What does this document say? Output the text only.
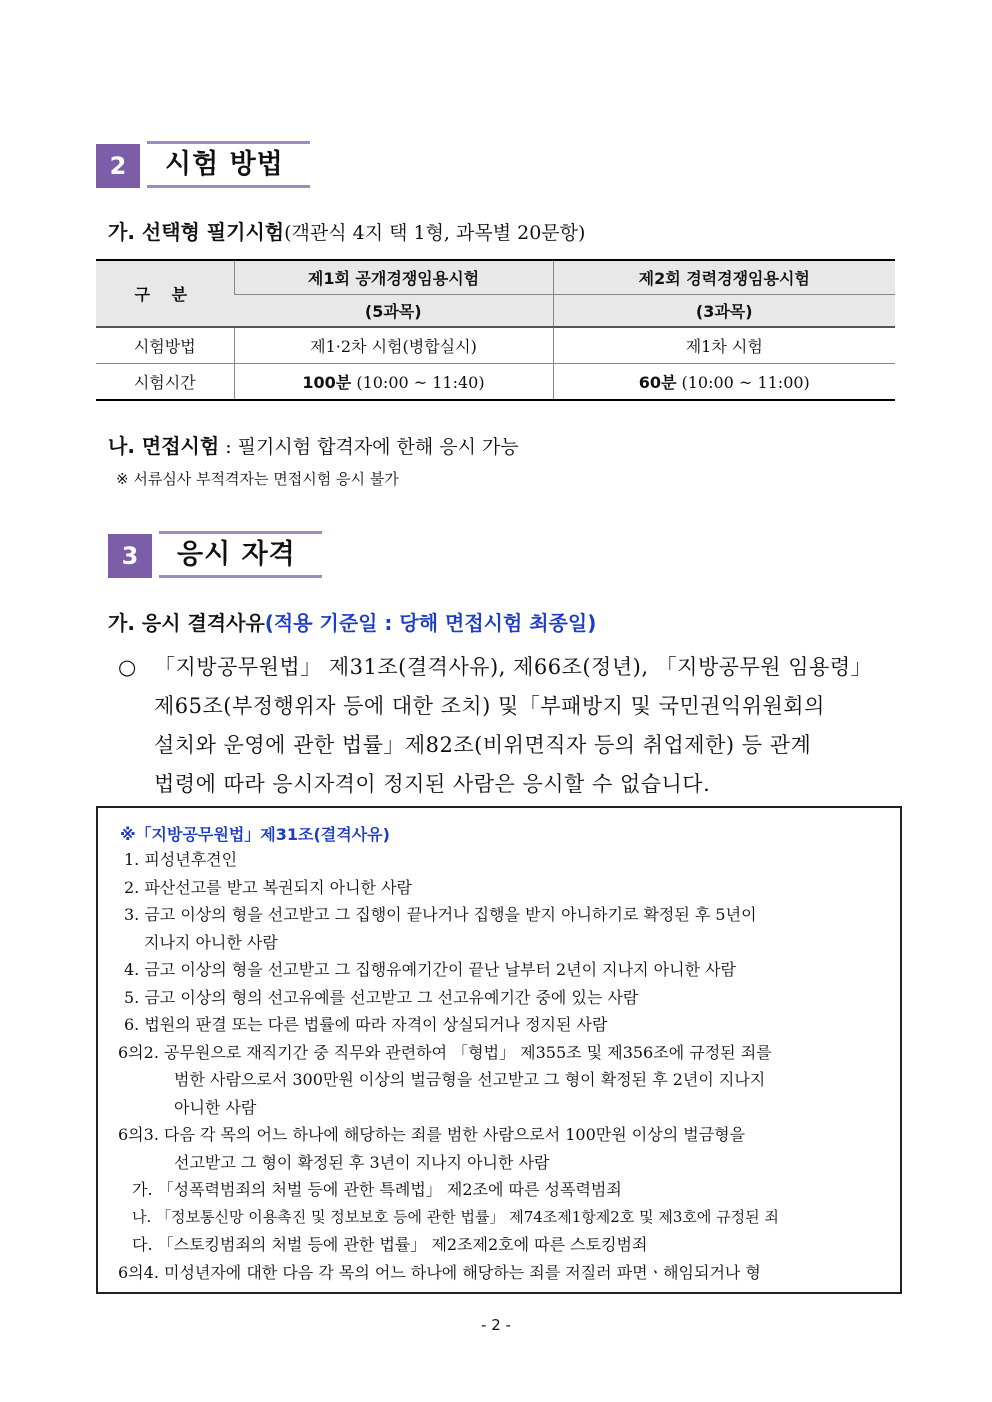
2	시험 방법
가. 선택형 필기시험(객관식 4지 택 1형, 과목별 20문항)
구 분	제1회 공개경쟁임용시험	제2회 경력경쟁임용시험
	(5과목)	(3과목)
시험방법	제1·2차 시험(병합실시)	제1차 시험
시험시간	100분 (10:00 ~ 11:40)	60분 (10:00 ~ 11:00)
나. 면접시험 : 필기시험 합격자에 한해 응시 가능
※ 서류심사 부적격자는 면접시험 응시 불가
3	응시 자격
가. 응시 결격사유(적용 기준일 : 당해 면접시험 최종일)
○ 「지방공무원법」 제31조(결격사유), 제66조(정년), 「지방공무원 임용령」
제65조(부정행위자 등에 대한 조치) 및「부패방지 및 국민권익위원회의
설치와 운영에 관한 법률」제82조(비위면직자 등의 취업제한) 등 관계
법령에 따라 응시자격이 정지된 사람은 응시할 수 없습니다.
※「지방공무원법」제31조(결격사유)
1. 피성년후견인
2. 파산선고를 받고 복권되지 아니한 사람
3. 금고 이상의 형을 선고받고 그 집행이 끝나거나 집행을 받지 아니하기로 확정된 후 5년이
지나지 아니한 사람
4. 금고 이상의 형을 선고받고 그 집행유예기간이 끝난 날부터 2년이 지나지 아니한 사람
5. 금고 이상의 형의 선고유예를 선고받고 그 선고유예기간 중에 있는 사람
6. 법원의 판결 또는 다른 법률에 따라 자격이 상실되거나 정지된 사람
6의2. 공무원으로 재직기간 중 직무와 관련하여 「형법」 제355조 및 제356조에 규정된 죄를
범한 사람으로서 300만원 이상의 벌금형을 선고받고 그 형이 확정된 후 2년이 지나지
아니한 사람
6의3. 다음 각 목의 어느 하나에 해당하는 죄를 범한 사람으로서 100만원 이상의 벌금형을
선고받고 그 형이 확정된 후 3년이 지나지 아니한 사람
가. 「성폭력범죄의 처벌 등에 관한 특례법」 제2조에 따른 성폭력범죄
나. 「정보통신망 이용촉진 및 정보보호 등에 관한 법률」 제74조제1항제2호 및 제3호에 규정된 죄
다. 「스토킹범죄의 처벌 등에 관한 법률」 제2조제2호에 따른 스토킹범죄
6의4. 미성년자에 대한 다음 각 목의 어느 하나에 해당하는 죄를 저질러 파면ㆍ해임되거나 형
- 2 -
